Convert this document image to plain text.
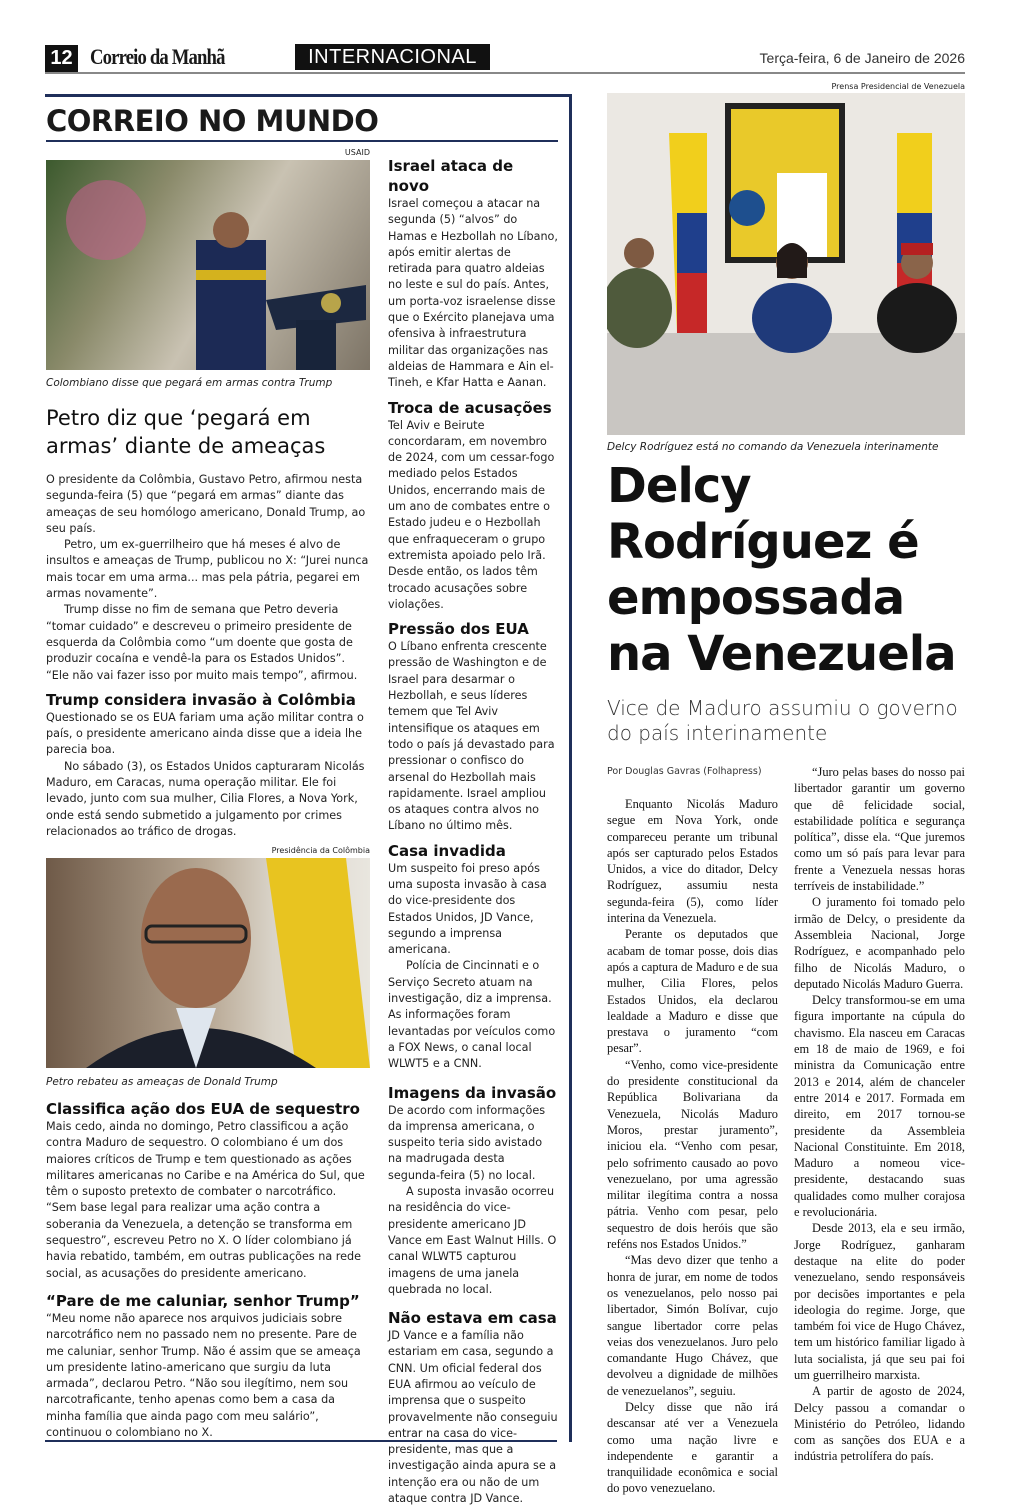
12 Correio da Manhã	INTERNACIONAL	Terça-feira, 6 de Janeiro de 2026
CORREIO NO MUNDO
USAID
Colombiano disse que pegará em armas contra Trump
Petro diz que ‘pegará em armas’ diante de ameaças

O presidente da Colômbia, Gustavo Petro, afirmou nesta segunda-feira (5) que “pegará em armas” diante das ameaças de seu homólogo americano, Donald Trump, ao seu país.

Petro, um ex-guerrilheiro que há meses é alvo de insultos e ameaças de Trump, publicou no X: “Jurei nunca mais tocar em uma arma... mas pela pátria, pegarei em armas novamente”.

Trump disse no fim de semana que Petro deveria “tomar cuidado” e descreveu o primeiro presidente de esquerda da Colômbia como “um doente que gosta de produzir cocaína e vendê-la para os Estados Unidos”. “Ele não vai fazer isso por muito mais tempo”, afirmou.

Trump considera invasão à Colômbia

Questionado se os EUA fariam uma ação militar contra o país, o presidente americano ainda disse que a ideia lhe parecia boa.

No sábado (3), os Estados Unidos capturaram Nicolás Maduro, em Caracas, numa operação militar. Ele foi levado, junto com sua mulher, Cilia Flores, a Nova York, onde está sendo submetido a julgamento por crimes relacionados ao tráfico de drogas.

Presidência da Colômbia
Petro rebateu as ameaças de Donald Trump
Classifica ação dos EUA de sequestro

Mais cedo, ainda no domingo, Petro classificou a ação contra Maduro de sequestro. O colombiano é um dos maiores críticos de Trump e tem questionado as ações militares americanas no Caribe e na América do Sul, que têm o suposto pretexto de combater o narcotráfico. “Sem base legal para realizar uma ação contra a soberania da Venezuela, a detenção se transforma em sequestro”, escreveu Petro no X. O líder colombiano já havia rebatido, também, em outras publicações na rede social, as acusações do presidente americano.

“Pare de me caluniar, senhor Trump”

“Meu nome não aparece nos arquivos judiciais sobre narcotráfico nem no passado nem no presente. Pare de me caluniar, senhor Trump. Não é assim que se ameaça um presidente latino-americano que surgiu da luta armada”, declarou Petro. “Não sou ilegítimo, nem sou narcotraficante, tenho apenas como bem a casa da minha família que ainda pago com meu salário”, continuou o colombiano no X.

Israel ataca de novo

Israel começou a atacar na segunda (5) “alvos” do Hamas e Hezbollah no Líbano, após emitir alertas de retirada para quatro aldeias no leste e sul do país. Antes, um porta-voz israelense disse que o Exército planejava uma ofensiva à infraestrutura militar das organizações nas aldeias de Hammara e Ain el-Tineh, e Kfar Hatta e Aanan.

Troca de acusações

Tel Aviv e Beirute concordaram, em novembro de 2024, com um cessar-fogo mediado pelos Estados Unidos, encerrando mais de um ano de combates entre o Estado judeu e o Hezbollah que enfraqueceram o grupo extremista apoiado pelo Irã. Desde então, os lados têm trocado acusações sobre violações.

Pressão dos EUA

O Líbano enfrenta crescente pressão de Washington e de Israel para desarmar o Hezbollah, e seus líderes temem que Tel Aviv intensifique os ataques em todo o país já devastado para pressionar o confisco do arsenal do Hezbollah mais rapidamente. Israel ampliou os ataques contra alvos no Líbano no último mês.

Casa invadida

Um suspeito foi preso após uma suposta invasão à casa do vice-presidente dos Estados Unidos, JD Vance, segundo a imprensa americana.

Polícia de Cincinnati e o Serviço Secreto atuam na investigação, diz a imprensa. As informações foram levantadas por veículos como a FOX News, o canal local WLWT5 e a CNN.

Imagens da invasão

De acordo com informações da imprensa americana, o suspeito teria sido avistado na madrugada desta segunda-feira (5) no local.

A suposta invasão ocorreu na residência do vice-presidente americano JD Vance em East Walnut Hills. O canal WLWT5 capturou imagens de uma janela quebrada no local.

Não estava em casa

JD Vance e a família não estariam em casa, segundo a CNN. Um oficial federal dos EUA afirmou ao veículo de imprensa que o suspeito provavelmente não conseguiu entrar na casa do vice-presidente, mas que a investigação ainda apura se a intenção era ou não de um ataque contra JD Vance.

Prensa Presidencial de Venezuela
Delcy Rodríguez está no comando da Venezuela interinamente
Delcy Rodríguez é empossada na Venezuela
Vice de Maduro assumiu o governo do país interinamente
Por Douglas Gavras (Folhapress)

Enquanto Nicolás Maduro segue em Nova York, onde compareceu perante um tribunal após ser capturado pelos Estados Unidos, a vice do ditador, Delcy Rodríguez, assumiu nesta segunda-feira (5), como líder interina da Venezuela.

Perante os deputados que acabam de tomar posse, dois dias após a captura de Maduro e de sua mulher, Cilia Flores, pelos Estados Unidos, ela declarou lealdade a Maduro e disse que prestava o juramento “com pesar”.

“Venho, como vice-presidente do presidente constitucional da República Bolivariana da Venezuela, Nicolás Maduro Moros, prestar juramento”, iniciou ela. “Venho com pesar, pelo sofrimento causado ao povo venezuelano, por uma agressão militar ilegítima contra a nossa pátria. Venho com pesar, pelo sequestro de dois heróis que são reféns nos Estados Unidos.”

“Mas devo dizer que tenho a honra de jurar, em nome de todos os venezuelanos, pelo nosso pai libertador, Simón Bolívar, cujo sangue libertador corre pelas veias dos venezuelanos. Juro pelo comandante Hugo Chávez, que devolveu a dignidade de milhões de venezuelanos”, seguiu.

Delcy disse que não irá descansar até ver a Venezuela como uma nação livre e independente e garantir a tranquilidade econômica e social do povo venezuelano.

“Juro pelas bases do nosso pai libertador garantir um governo que dê felicidade social, estabilidade política e segurança política”, disse ela. “Que juremos como um só país para levar para frente a Venezuela nessas horas terríveis de instabilidade.”

O juramento foi tomado pelo irmão de Delcy, o presidente da Assembleia Nacional, Jorge Rodríguez, e acompanhado pelo filho de Nicolás Maduro, o deputado Nicolás Maduro Guerra.

Delcy transformou-se em uma figura importante na cúpula do chavismo. Ela nasceu em Caracas em 18 de maio de 1969, e foi ministra da Comunicação entre 2013 e 2014, além de chanceler entre 2014 e 2017. Formada em direito, em 2017 tornou-se presidente da Assembleia Nacional Constituinte. Em 2018, Maduro a nomeou vice-presidente, destacando suas qualidades como mulher corajosa e revolucionária.

Desde 2013, ela e seu irmão, Jorge Rodríguez, ganharam destaque na elite do poder venezuelano, sendo responsáveis por decisões importantes e pela ideologia do regime. Jorge, que também foi vice de Hugo Chávez, tem um histórico familiar ligado à luta socialista, já que seu pai foi um guerrilheiro marxista.

A partir de agosto de 2024, Delcy passou a comandar o Ministério do Petróleo, lidando com as sanções dos EUA e a indústria petrolífera do país.
